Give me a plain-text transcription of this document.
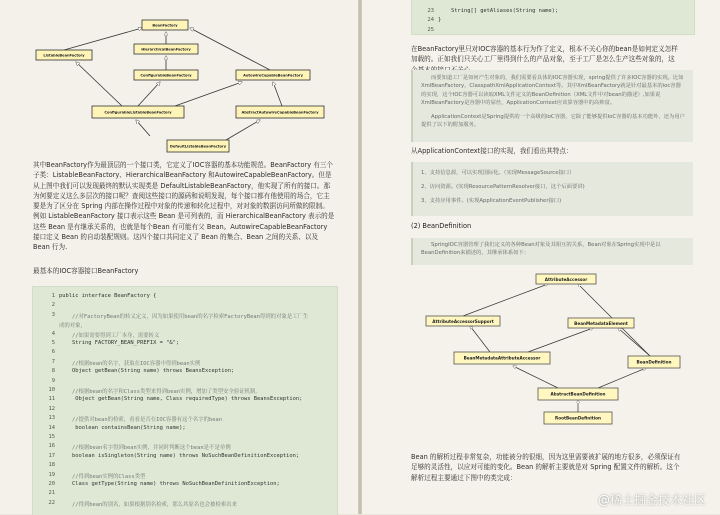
BeanFactory
ListableBeanFactory
HierarchicalBeanFactory
ConfigurableBeanFactory	AutowireCapableBeanFactory
ConfigurableListableBeanFactory	AbstractAutowireCapableBeanFactory
DefaultListableBeanFactory

其中BeanFactory作为最顶层的一个接口类，它定义了IOC容器的基本功能规范。BeanFactory 有三个子类：ListableBeanFactory、HierarchicalBeanFactory 和AutowireCapableBeanFactory。但是从上图中我们可以发现最终的默认实现类是 DefaultListableBeanFactory，他实现了所有的接口。那为何要定义这么多层次的接口呢？查阅这些接口的源码和说明发现，每个接口都有他使用的场合，它主要是为了区分在 Spring 内部在操作过程中对象的传递和转化过程中，对对象的数据访问所做的限制。例如 ListableBeanFactory 接口表示这些 Bean 是可列表的，而 HierarchicalBeanFactory 表示的是这些 Bean 是有继承关系的，也就是每个Bean 有可能有父 Bean。AutowireCapableBeanFactory 接口定义 Bean 的自动装配规则。这四个接口共同定义了 Bean 的集合、Bean 之间的关系、以及 Bean 行为.

最基本的IOC容器接口BeanFactory

1 public interface BeanFactory {
2
3 //对FactoryBean的转义定义，因为如果使用bean的名字检索FactoryBean得到的对象是工厂生
成的对象，
4 //如果需要得到工厂本身，需要转义
5 String FACTORY_BEAN_PREFIX = "&";
6
7 //根据bean的名字，获取在IOC容器中得到bean实例
8 Object getBean(String name) throws BeansException;
9
10 //根据bean的名字和Class类型来得到bean实例，增加了类型安全验证机制。
11 Object getBean(String name, Class requiredType) throws BeansException;
12
13 //提供对bean的检索，看看是否在IOC容器有这个名字的bean
14 boolean containsBean(String name);
15
16 //根据bean名字得到bean实例，并同时判断这个bean是不是单例
17 boolean isSingleton(String name) throws NoSuchBeanDefinitionException;
18
19 //得到bean实例的Class类型
20 Class getType(String name) throws NoSuchBeanDefinitionException;
21
22 //得到bean的别名，如果根据别名检索，那么其原名也会被检索出来
23 String[] getAliases(String name);
24 }
25

在BeanFactory里只对IOC容器的基本行为作了定义，根本不关心你的bean是如何定义怎样加载的。正如我们只关心工厂里得到什么的产品对象，至于工厂是怎么生产这些对象的，这

而要知道工厂是如何产生对象的，我们需要看具体的IOC容器实现，spring提供了许多IOC容器的实现。比如XmlBeanFactory，ClasspathXmlApplicationContext等。其中XmlBeanFactory就是针对最基本的ioc容器的实现，这个IOC容器可以读取XML文件定义的BeanDefinition（XML文件中对bean的描述）,如果说XmlBeanFactory是容器中的屌丝，ApplicationContext应该算容器中的高帅富。

ApplicationContext是Spring提供的一个高级的IoC容器，它除了能够提供IoC容器的基本功能外，还为用户提供了以下的附加服务。

从ApplicationContext接口的实现，我们看出其特点：

1、支持信息源，可以实现国际化。（实现MessageSource接口）

2、访问资源。(实现ResourcePatternResolver接口，这个后面要讲)

3、支持应用事件。(实现ApplicationEventPublisher接口)

(2) BeanDefinition

SpringIOC容器管理了我们定义的各种Bean对象及其相互的关系，Bean对象在Spring实现中是以BeanDefinition来描述的，其继承体系如下：

AttributeAccessor
AttributeAccessorSupport	BeanMetadataElement
BeanMetadataAttributeAccessor
BeanDefinition
AbstractBeanDefinition
RootBeanDefinition

Bean 的解析过程非常复杂，功能被分的很细，因为这里需要被扩展的地方很多，必须保证有足够的灵活性，以应对可能的变化。Bean 的解析主要就是对 Spring 配置文件的解析。这个解析过程主要通过下图中的类完成：

@稀土掘金技术社区
